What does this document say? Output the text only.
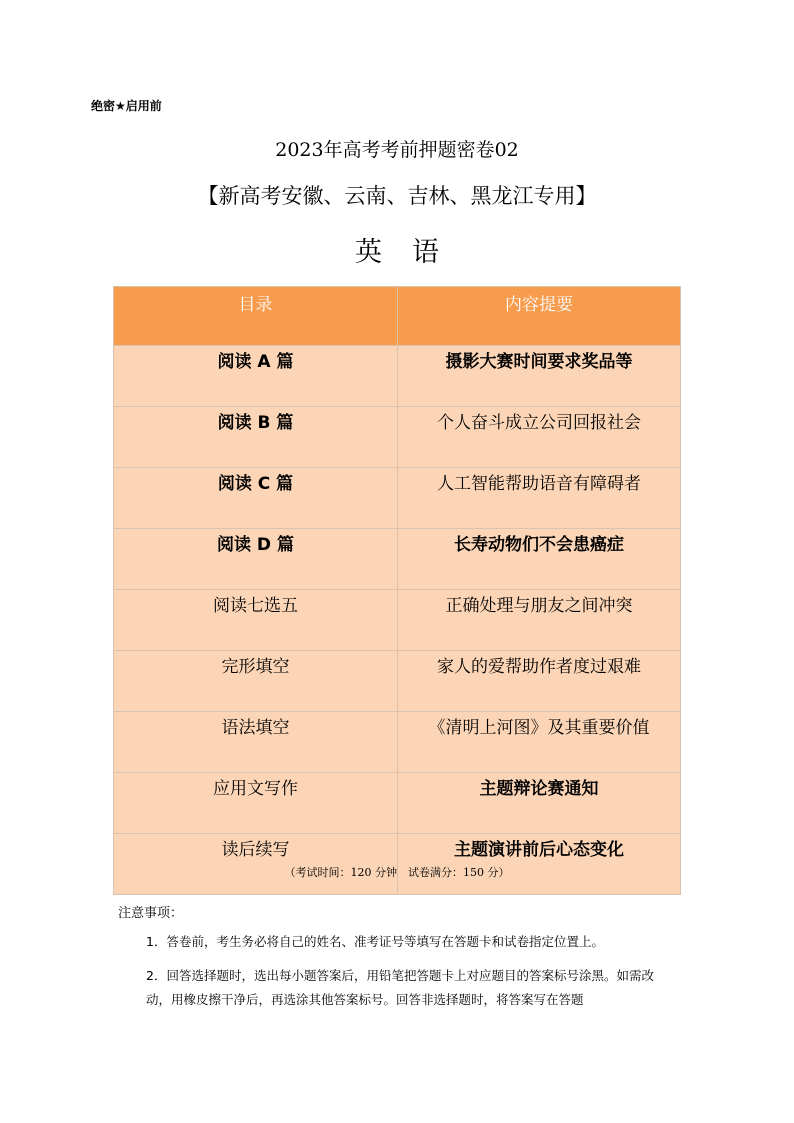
绝密★启用前
2023年高考考前押题密卷02
【新高考安徽、云南、吉林、黑龙江专用】
英语
目录	内容提要
阅读 A 篇	摄影大赛时间要求奖品等
阅读 B 篇	个人奋斗成立公司回报社会
阅读 C 篇	人工智能帮助语音有障碍者
阅读 D 篇	长寿动物们不会患癌症
阅读七选五	正确处理与朋友之间冲突
完形填空	家人的爱帮助作者度过艰难
语法填空	《清明上河图》及其重要价值
应用文写作	主题辩论赛通知
读后续写	主题演讲前后心态变化
（考试时间：120 分钟　试卷满分：150 分）
注意事项：
1．答卷前，考生务必将自己的姓名、准考证号等填写在答题卡和试卷指定位置上。
2．回答选择题时，选出每小题答案后，用铅笔把答题卡上对应题目的答案标号涂黑。如需改动，用橡皮擦干净后，再选涂其他答案标号。回答非选择题时，将答案写在答题
